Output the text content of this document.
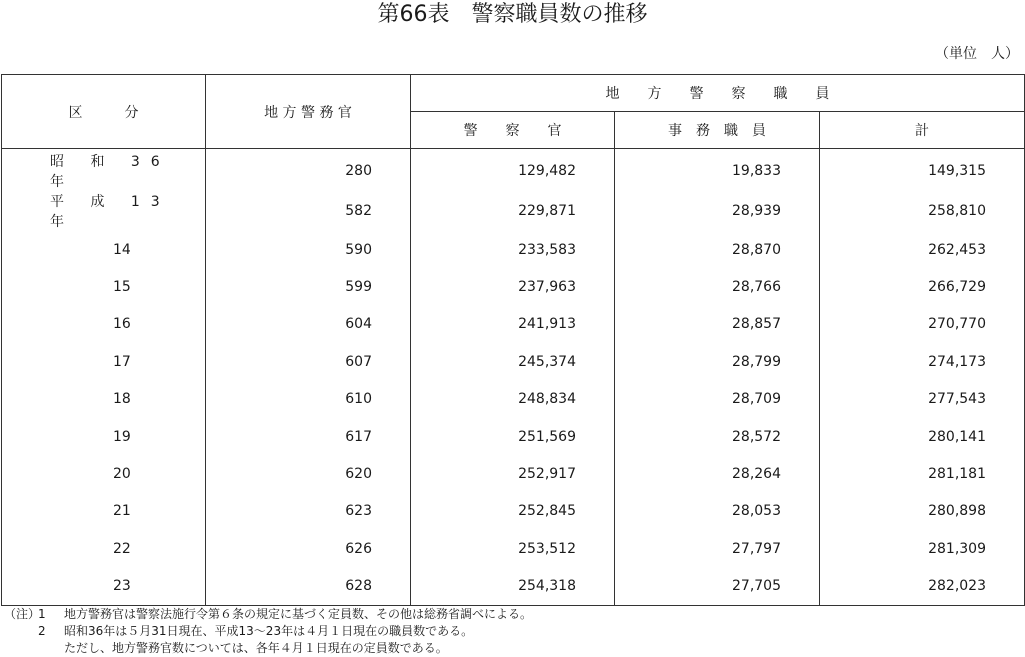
第66表　警察職員数の推移
（単位　人）
区　　　分	地 方 警 務 官	地　　方　　警　　察　　職　　員		
		警　　察　　官	事　務　職　員	計

昭 和 36 年	280	129,482	19,833	149,315

平 成 13 年	582	229,871	28,939	258,810

14	590	233,583	28,870	262,453

15	599	237,963	28,766	266,729

16	604	241,913	28,857	270,770

17	607	245,374	28,799	274,173

18	610	248,834	28,709	277,543

19	617	251,569	28,572	280,141

20	620	252,917	28,264	281,181

21	623	252,845	28,053	280,898

22	626	253,512	27,797	281,309

23	628	254,318	27,705	282,023
（注）
1	地方警務官は警察法施行令第６条の規定に基づく定員数、その他は総務省調べによる。
2	昭和36年は５月31日現在、平成13～23年は４月１日現在の職員数である。
ただし、地方警務官数については、各年４月１日現在の定員数である。
